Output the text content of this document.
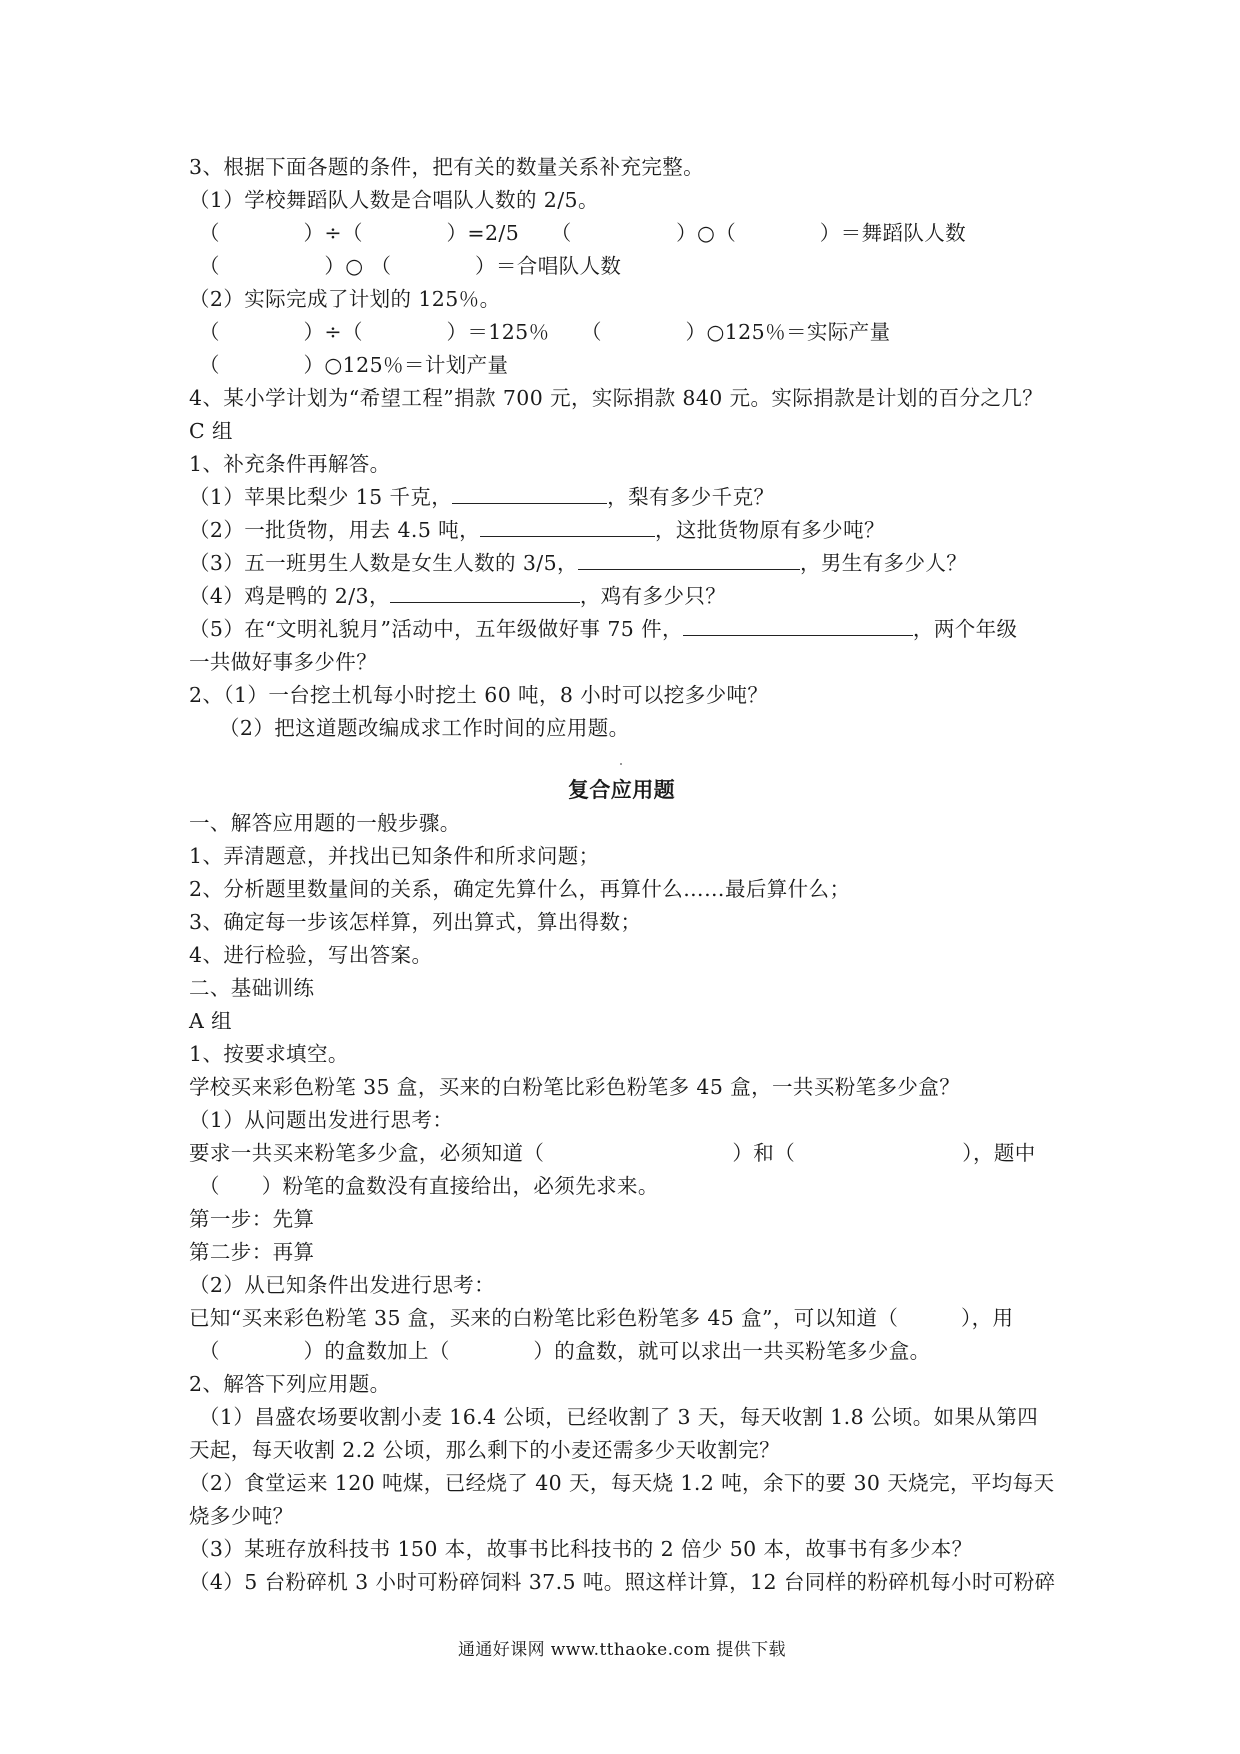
3、根据下面各题的条件，把有关的数量关系补充完整。
（1）学校舞蹈队人数是合唱队人数的 2/5。
（　　　　）÷（　　　　）=2/5　　（　　　　　）○（　　　　）＝舞蹈队人数
（　　　　　）○ （　　　　）＝合唱队人数
（2）实际完成了计划的 125％。
（　　　　）÷（　　　　）＝125％　　（　　　　）○125％＝实际产量
（　　　　）○125％＝计划产量
4、某小学计划为“希望工程”捐款 700 元，实际捐款 840 元。实际捐款是计划的百分之几？
C 组
1、补充条件再解答。
（1）苹果比梨少 15 千克，	，梨有多少千克？
（2）一批货物，用去 4.5 吨，	，这批货物原有多少吨？
（3）五一班男生人数是女生人数的 3/5，	，男生有多少人？
（4）鸡是鸭的 2/3，	，鸡有多少只？
（5）在“文明礼貌月”活动中，五年级做好事 75 件，	，两个年级
一共做好事多少件？
2、（1）一台挖土机每小时挖土 60 吨，8 小时可以挖多少吨？
（2）把这道题改编成求工作时间的应用题。
复合应用题
一、解答应用题的一般步骤。
1、弄清题意，并找出已知条件和所求问题；
2、分析题里数量间的关系，确定先算什么，再算什么……最后算什么；
3、确定每一步该怎样算，列出算式，算出得数；
4、进行检验，写出答案。
二、基础训练
A 组
1、按要求填空。
学校买来彩色粉笔 35 盒，买来的白粉笔比彩色粉笔多 45 盒，一共买粉笔多少盒？
（1）从问题出发进行思考：
要求一共买来粉笔多少盒，必须知道（　　　　　　　　　）和（　　　　　　　　），题中
（　　）粉笔的盒数没有直接给出，必须先求来。
第一步：先算
第二步：再算
（2）从已知条件出发进行思考：
已知“买来彩色粉笔 35 盒，买来的白粉笔比彩色粉笔多 45 盒”，可以知道（　　　），用
（　　　　）的盒数加上（　　　　）的盒数，就可以求出一共买粉笔多少盒。
2、解答下列应用题。
（1）昌盛农场要收割小麦 16.4 公顷，已经收割了 3 天，每天收割 1.8 公顷。如果从第四
天起，每天收割 2.2 公顷，那么剩下的小麦还需多少天收割完？
（2）食堂运来 120 吨煤，已经烧了 40 天，每天烧 1.2 吨，余下的要 30 天烧完，平均每天
烧多少吨？
（3）某班存放科技书 150 本，故事书比科技书的 2 倍少 50 本，故事书有多少本？
（4）5 台粉碎机 3 小时可粉碎饲料 37.5 吨。照这样计算，12 台同样的粉碎机每小时可粉碎
通通好课网 www.tthaoke.com 提供下载
